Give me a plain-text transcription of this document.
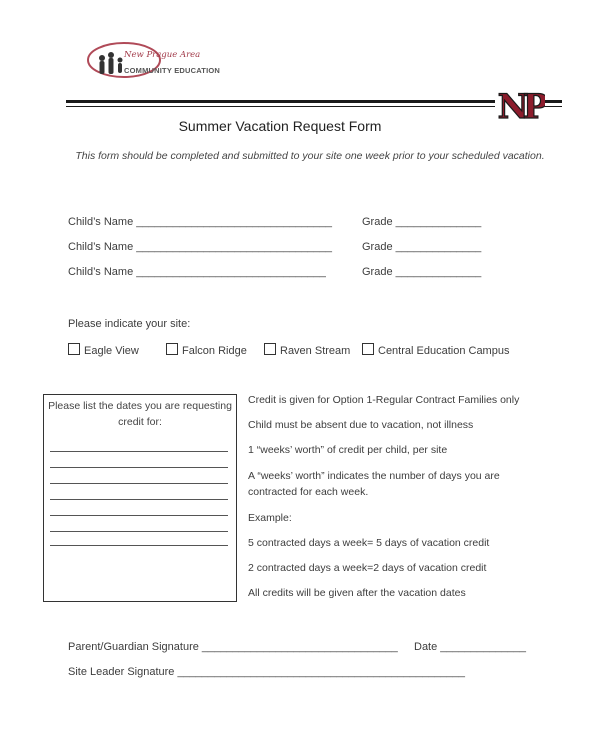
New Prague Area
COMMUNITY EDUCATION
NP
Summer Vacation Request Form
This form should be completed and submitted to your site one week prior to your scheduled vacation.
Child’s Name ________________________________	Grade ______________
Child’s Name ________________________________	Grade ______________
Child’s Name _______________________________	Grade ______________
Please indicate your site:
Eagle View	Falcon Ridge	Raven Stream	Central Education Campus
Please list the dates you are requesting credit for:
Credit is given for Option 1-Regular Contract Families only
Child must be absent due to vacation, not illness
1 “weeks’ worth” of credit per child, per site
A “weeks’ worth” indicates the number of days you are
contracted for each week.
Example:
5 contracted days a week= 5 days of vacation credit
2 contracted days a week=2 days of vacation credit
All credits will be given after the vacation dates
Parent/Guardian Signature ________________________________ Date ______________
Site Leader Signature _______________________________________________
